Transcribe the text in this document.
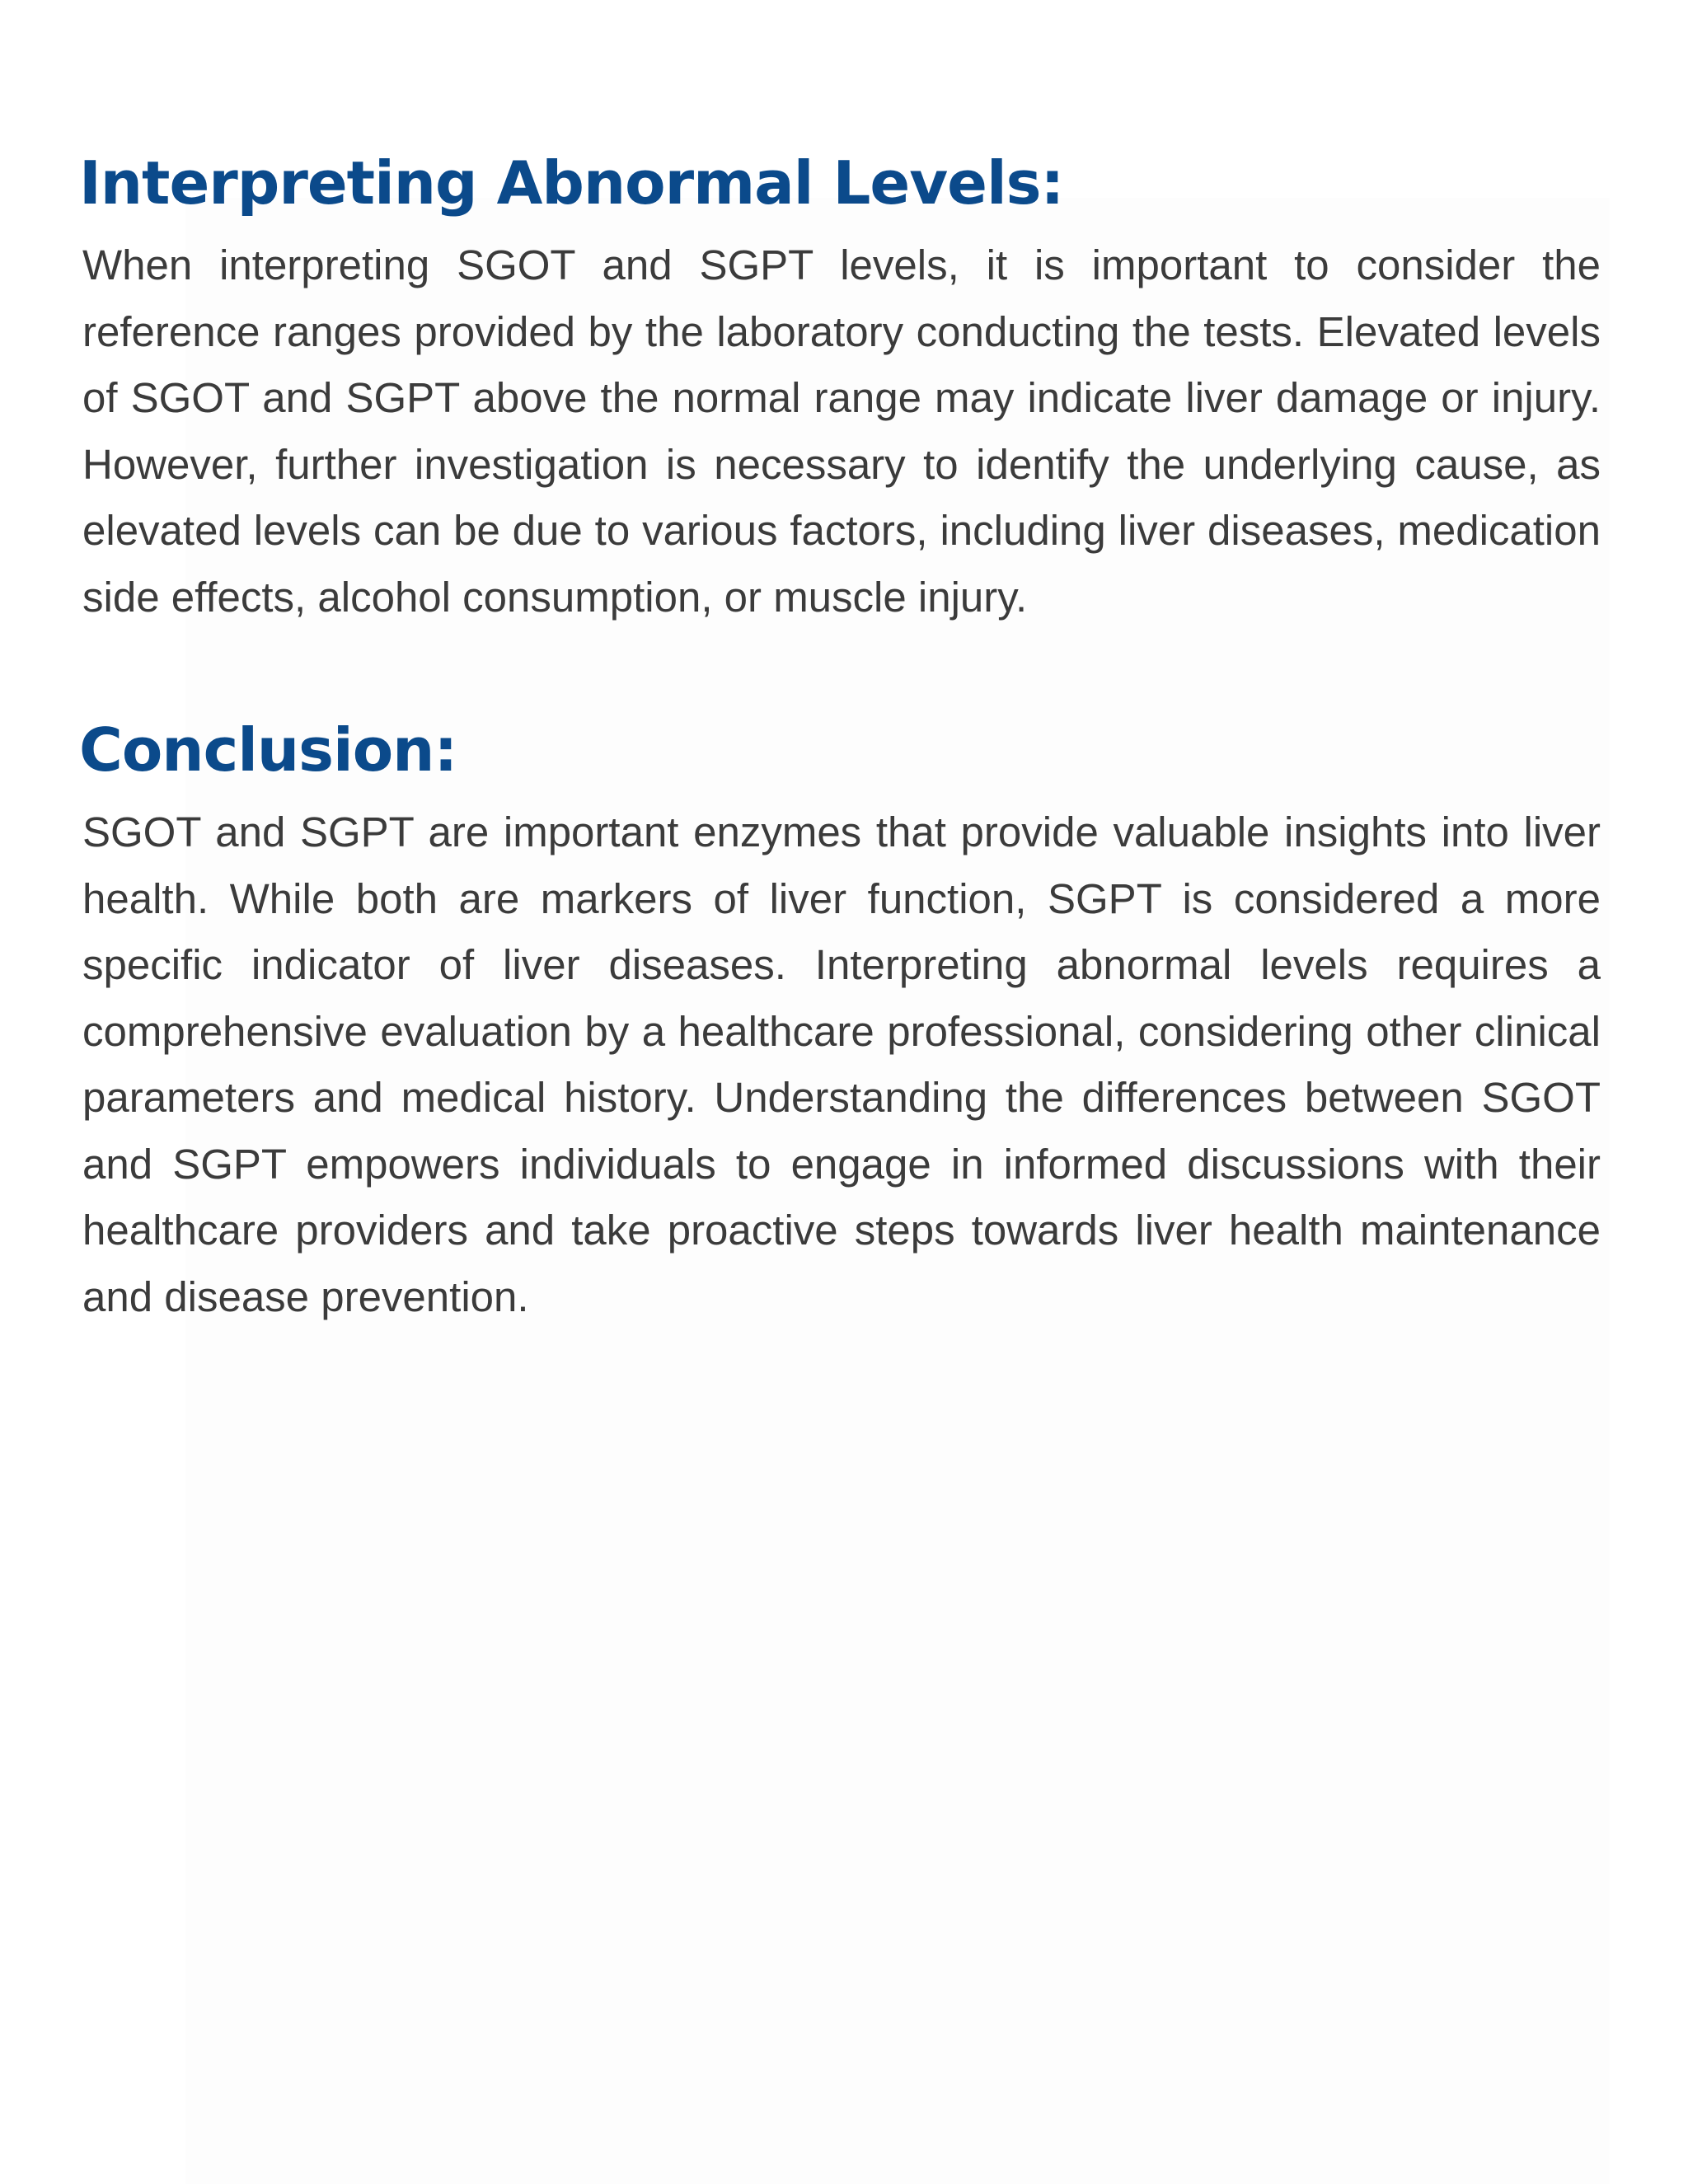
Interpreting Abnormal Levels:

When interpreting SGOT and SGPT levels, it is important to consider the reference ranges provided by the laboratory conducting the tests. Elevated levels of SGOT and SGPT above the normal range may indicate liver damage or injury. However, further investigation is necessary to identify the underlying cause, as elevated levels can be due to various factors, including liver diseases, medication side effects, alcohol consumption, or muscle injury.

Conclusion:

SGOT and SGPT are important enzymes that provide valuable insights into liver health. While both are markers of liver function, SGPT is considered a more specific indicator of liver diseases. Interpreting abnormal levels requires a comprehensive evaluation by a healthcare professional, considering other clinical parameters and medical history. Understanding the differences between SGOT and SGPT empowers individuals to engage in informed discussions with their healthcare providers and take proactive steps towards liver health maintenance and disease prevention.
